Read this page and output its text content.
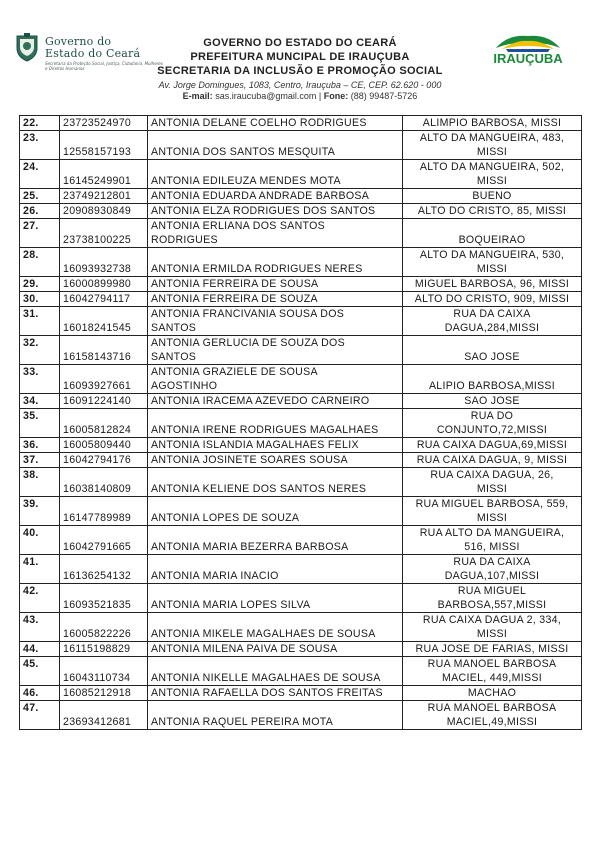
Governo do
Estado do Ceará
Secretaria da Proteção Social, Justiça, Cidadania, Mulheres e Direitos Humanos
GOVERNO DO ESTADO DO CEARÁ
PREFEITURA MUNCIPAL DE IRAUÇUBA
SECRETARIA DA INCLUSÃO E PROMOÇÃO SOCIAL
Av. Jorge Domingues, 1083, Centro, Irauçuba – CE, CEP. 62.620 - 000
E-mail: sas.iraucuba@gmail.com | Fone: (88) 99487-5726
IRAUÇUBA
22.	23723524970	ANTONIA DELANE COELHO RODRIGUES	ALIMPIO BARBOSA, MISSI
23.	12558157193	ANTONIA DOS SANTOS MESQUITA	ALTO DA MANGUEIRA, 483,
MISSI
24.	16145249901	ANTONIA EDILEUZA MENDES MOTA	ALTO DA MANGUEIRA, 502,
MISSI
25.	23749212801	ANTONIA EDUARDA ANDRADE BARBOSA	BUENO
26.	20908930849	ANTONIA ELZA RODRIGUES DOS SANTOS	ALTO DO CRISTO, 85, MISSI
27.	23738100225	ANTONIA ERLIANA DOS SANTOS
RODRIGUES	BOQUEIRAO
28.	16093932738	ANTONIA ERMILDA RODRIGUES NERES	ALTO DA MANGUEIRA, 530,
MISSI
29.	16000899980	ANTONIA FERREIRA DE SOUSA	MIGUEL BARBOSA, 96, MISSI
30.	16042794117	ANTONIA FERREIRA DE SOUZA	ALTO DO CRISTO, 909, MISSI
31.	16018241545	ANTONIA FRANCIVANIA SOUSA DOS
SANTOS	RUA DA CAIXA
DAGUA,284,MISSI
32.	16158143716	ANTONIA GERLUCIA DE SOUZA DOS
SANTOS	SAO JOSE
33.	16093927661	ANTONIA GRAZIELE DE SOUSA
AGOSTINHO	ALIPIO BARBOSA,MISSI
34.	16091224140	ANTONIA IRACEMA AZEVEDO CARNEIRO	SAO JOSE
35.	16005812824	ANTONIA IRENE RODRIGUES MAGALHAES	RUA DO
CONJUNTO,72,MISSI
36.	16005809440	ANTONIA ISLANDIA MAGALHAES FELIX	RUA CAIXA DAGUA,69,MISSI
37.	16042794176	ANTONIA JOSINETE SOARES SOUSA	RUA CAIXA DAGUA, 9, MISSI
38.	16038140809	ANTONIA KELIENE DOS SANTOS NERES	RUA CAIXA DAGUA, 26,
MISSI
39.	16147789989	ANTONIA LOPES DE SOUZA	RUA MIGUEL BARBOSA, 559,
MISSI
40.	16042791665	ANTONIA MARIA BEZERRA BARBOSA	RUA ALTO DA MANGUEIRA,
516, MISSI
41.	16136254132	ANTONIA MARIA INACIO	RUA DA CAIXA
DAGUA,107,MISSI
42.	16093521835	ANTONIA MARIA LOPES SILVA	RUA MIGUEL
BARBOSA,557,MISSI
43.	16005822226	ANTONIA MIKELE MAGALHAES DE SOUSA	RUA CAIXA DAGUA 2, 334,
MISSI
44.	16115198829	ANTONIA MILENA PAIVA DE SOUSA	RUA JOSE DE FARIAS, MISSI
45.	16043110734	ANTONIA NIKELLE MAGALHAES DE SOUSA	RUA MANOEL BARBOSA
MACIEL, 449,MISSI
46.	16085212918	ANTONIA RAFAELLA DOS SANTOS FREITAS	MACHAO
47.	23693412681	ANTONIA RAQUEL PEREIRA MOTA	RUA MANOEL BARBOSA
MACIEL,49,MISSI
